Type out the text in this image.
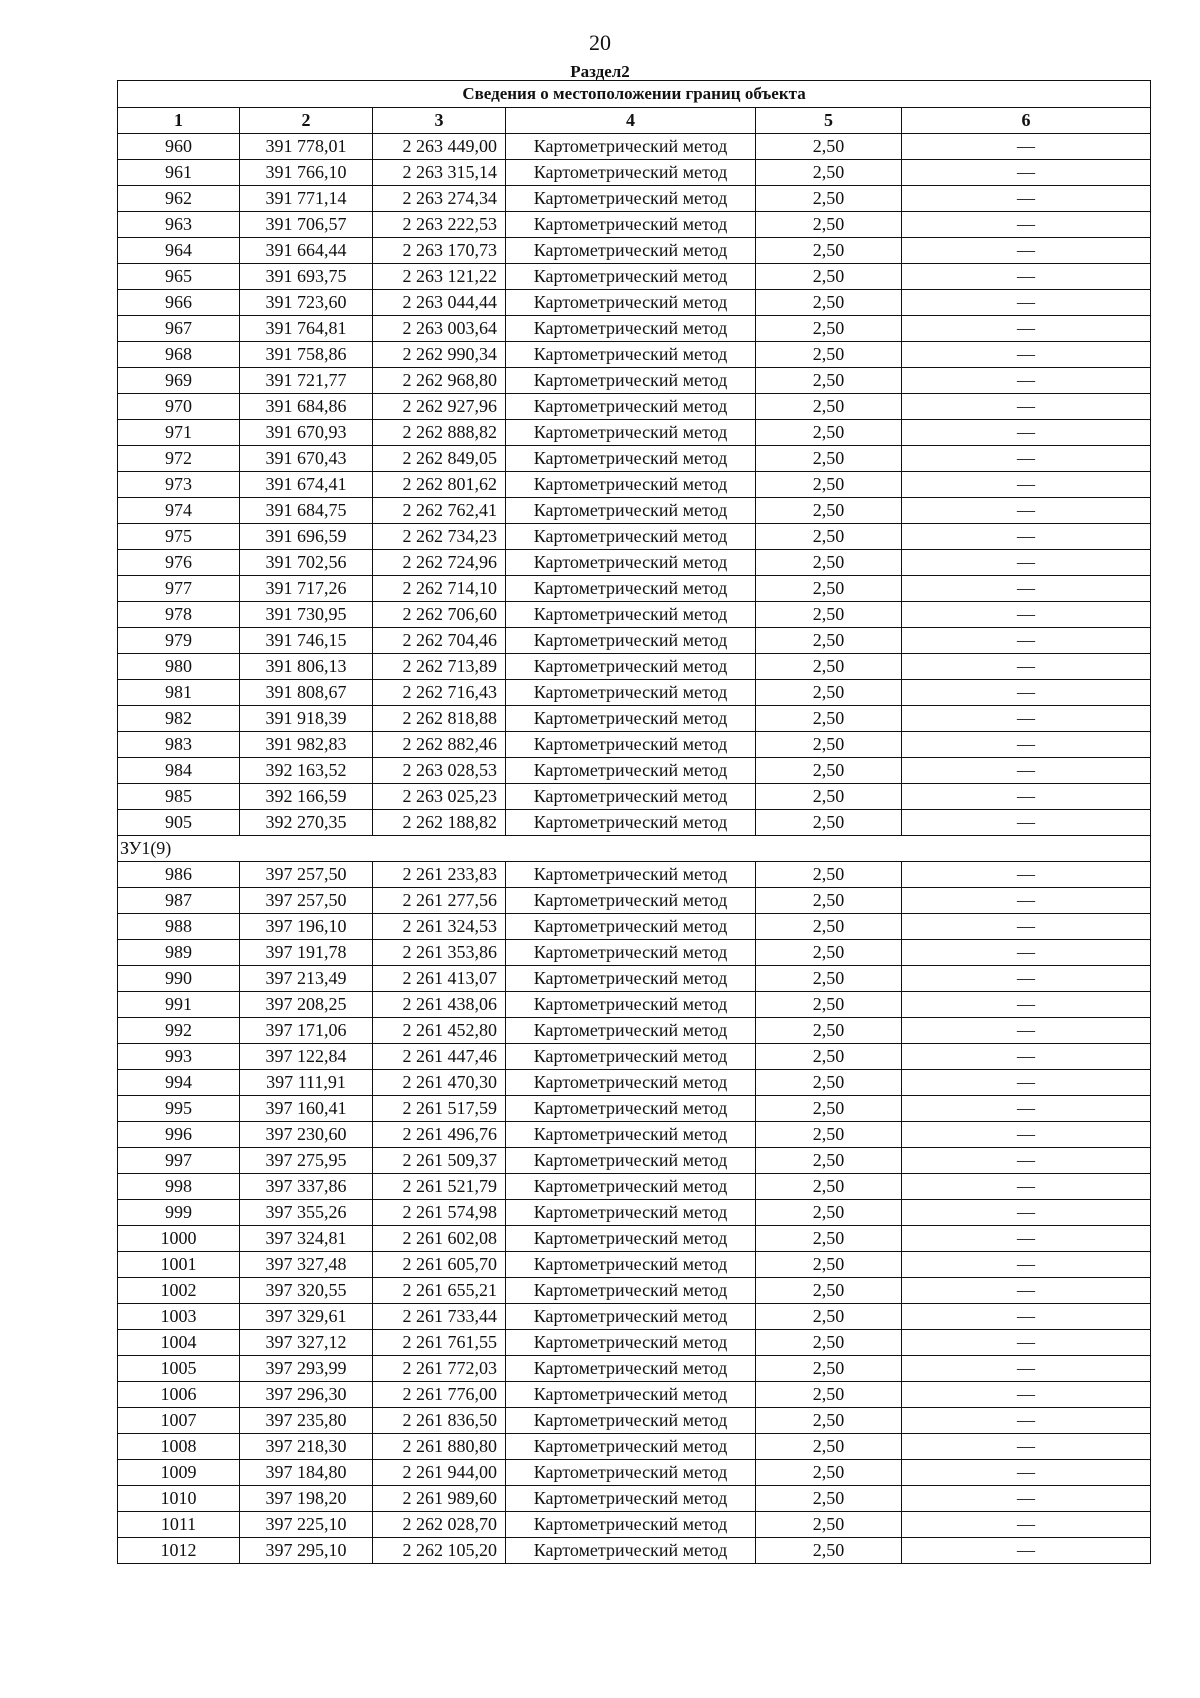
20
Раздел2
Сведения о местоположении границ объекта					
1	2	3	4	5	6
960	391 778,01	2 263 449,00	Картометрический метод	2,50	—
961	391 766,10	2 263 315,14	Картометрический метод	2,50	—
962	391 771,14	2 263 274,34	Картометрический метод	2,50	—
963	391 706,57	2 263 222,53	Картометрический метод	2,50	—
964	391 664,44	2 263 170,73	Картометрический метод	2,50	—
965	391 693,75	2 263 121,22	Картометрический метод	2,50	—
966	391 723,60	2 263 044,44	Картометрический метод	2,50	—
967	391 764,81	2 263 003,64	Картометрический метод	2,50	—
968	391 758,86	2 262 990,34	Картометрический метод	2,50	—
969	391 721,77	2 262 968,80	Картометрический метод	2,50	—
970	391 684,86	2 262 927,96	Картометрический метод	2,50	—
971	391 670,93	2 262 888,82	Картометрический метод	2,50	—
972	391 670,43	2 262 849,05	Картометрический метод	2,50	—
973	391 674,41	2 262 801,62	Картометрический метод	2,50	—
974	391 684,75	2 262 762,41	Картометрический метод	2,50	—
975	391 696,59	2 262 734,23	Картометрический метод	2,50	—
976	391 702,56	2 262 724,96	Картометрический метод	2,50	—
977	391 717,26	2 262 714,10	Картометрический метод	2,50	—
978	391 730,95	2 262 706,60	Картометрический метод	2,50	—
979	391 746,15	2 262 704,46	Картометрический метод	2,50	—
980	391 806,13	2 262 713,89	Картометрический метод	2,50	—
981	391 808,67	2 262 716,43	Картометрический метод	2,50	—
982	391 918,39	2 262 818,88	Картометрический метод	2,50	—
983	391 982,83	2 262 882,46	Картометрический метод	2,50	—
984	392 163,52	2 263 028,53	Картометрический метод	2,50	—
985	392 166,59	2 263 025,23	Картометрический метод	2,50	—
905	392 270,35	2 262 188,82	Картометрический метод	2,50	—
ЗУ1(9)					
986	397 257,50	2 261 233,83	Картометрический метод	2,50	—
987	397 257,50	2 261 277,56	Картометрический метод	2,50	—
988	397 196,10	2 261 324,53	Картометрический метод	2,50	—
989	397 191,78	2 261 353,86	Картометрический метод	2,50	—
990	397 213,49	2 261 413,07	Картометрический метод	2,50	—
991	397 208,25	2 261 438,06	Картометрический метод	2,50	—
992	397 171,06	2 261 452,80	Картометрический метод	2,50	—
993	397 122,84	2 261 447,46	Картометрический метод	2,50	—
994	397 111,91	2 261 470,30	Картометрический метод	2,50	—
995	397 160,41	2 261 517,59	Картометрический метод	2,50	—
996	397 230,60	2 261 496,76	Картометрический метод	2,50	—
997	397 275,95	2 261 509,37	Картометрический метод	2,50	—
998	397 337,86	2 261 521,79	Картометрический метод	2,50	—
999	397 355,26	2 261 574,98	Картометрический метод	2,50	—
1000	397 324,81	2 261 602,08	Картометрический метод	2,50	—
1001	397 327,48	2 261 605,70	Картометрический метод	2,50	—
1002	397 320,55	2 261 655,21	Картометрический метод	2,50	—
1003	397 329,61	2 261 733,44	Картометрический метод	2,50	—
1004	397 327,12	2 261 761,55	Картометрический метод	2,50	—
1005	397 293,99	2 261 772,03	Картометрический метод	2,50	—
1006	397 296,30	2 261 776,00	Картометрический метод	2,50	—
1007	397 235,80	2 261 836,50	Картометрический метод	2,50	—
1008	397 218,30	2 261 880,80	Картометрический метод	2,50	—
1009	397 184,80	2 261 944,00	Картометрический метод	2,50	—
1010	397 198,20	2 261 989,60	Картометрический метод	2,50	—
1011	397 225,10	2 262 028,70	Картометрический метод	2,50	—
1012	397 295,10	2 262 105,20	Картометрический метод	2,50	—
